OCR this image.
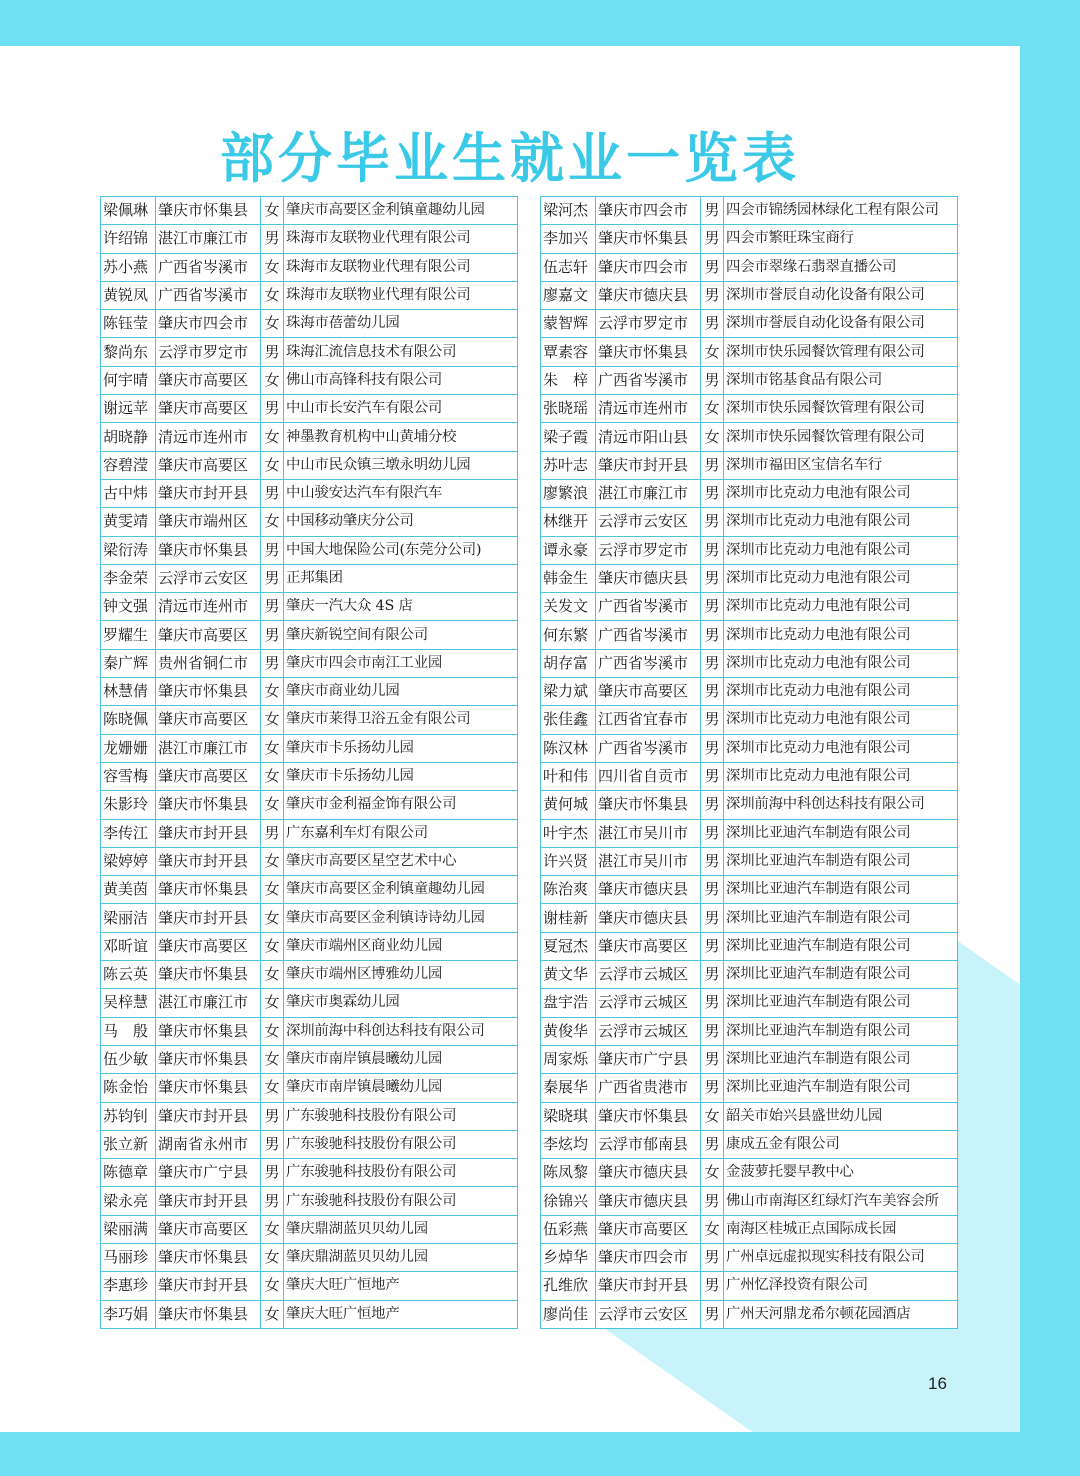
部分毕业生就业一览表
梁佩琳	肇庆市怀集县	女	肇庆市高要区金利镇童趣幼儿园
许绍锦	湛江市廉江市	男	珠海市友联物业代理有限公司
苏小燕	广西省岑溪市	女	珠海市友联物业代理有限公司
黄锐凤	广西省岑溪市	女	珠海市友联物业代理有限公司
陈钰莹	肇庆市四会市	女	珠海市蓓蕾幼儿园
黎尚东	云浮市罗定市	男	珠海汇流信息技术有限公司
何宇晴	肇庆市高要区	女	佛山市高锋科技有限公司
谢远苹	肇庆市高要区	男	中山市长安汽车有限公司
胡晓静	清远市连州市	女	神墨教育机构中山黄埔分校
容碧滢	肇庆市高要区	女	中山市民众镇三墩永明幼儿园
古中炜	肇庆市封开县	男	中山骏安达汽车有限汽车
黄雯靖	肇庆市端州区	女	中国移动肇庆分公司
梁衍涛	肇庆市怀集县	男	中国大地保险公司(东莞分公司)
李金荣	云浮市云安区	男	正邦集团
钟文强	清远市连州市	男	肇庆一汽大众 4S 店
罗耀生	肇庆市高要区	男	肇庆新锐空间有限公司
秦广辉	贵州省铜仁市	男	肇庆市四会市南江工业园
林慧倩	肇庆市怀集县	女	肇庆市商业幼儿园
陈晓佩	肇庆市高要区	女	肇庆市莱得卫浴五金有限公司
龙姗姗	湛江市廉江市	女	肇庆市卡乐扬幼儿园
容雪梅	肇庆市高要区	女	肇庆市卡乐扬幼儿园
朱影玲	肇庆市怀集县	女	肇庆市金利福金饰有限公司
李传江	肇庆市封开县	男	广东嘉利车灯有限公司
梁婷婷	肇庆市封开县	女	肇庆市高要区星空艺术中心
黄美茵	肇庆市怀集县	女	肇庆市高要区金利镇童趣幼儿园
梁丽洁	肇庆市封开县	女	肇庆市高要区金利镇诗诗幼儿园
邓昕谊	肇庆市高要区	女	肇庆市端州区商业幼儿园
陈云英	肇庆市怀集县	女	肇庆市端州区博雅幼儿园
吴梓慧	湛江市廉江市	女	肇庆市奥霖幼儿园
马　殷	肇庆市怀集县	女	深圳前海中科创达科技有限公司
伍少敏	肇庆市怀集县	女	肇庆市南岸镇晨曦幼儿园
陈金怡	肇庆市怀集县	女	肇庆市南岸镇晨曦幼儿园
苏钧钊	肇庆市封开县	男	广东骏驰科技股份有限公司
张立新	湖南省永州市	男	广东骏驰科技股份有限公司
陈德章	肇庆市广宁县	男	广东骏驰科技股份有限公司
梁永亮	肇庆市封开县	男	广东骏驰科技股份有限公司
梁丽满	肇庆市高要区	女	肇庆鼎湖蓝贝贝幼儿园
马丽珍	肇庆市怀集县	女	肇庆鼎湖蓝贝贝幼儿园
李惠珍	肇庆市封开县	女	肇庆大旺广恒地产
李巧娟	肇庆市怀集县	女	肇庆大旺广恒地产
梁河杰	肇庆市四会市	男	四会市锦绣园林绿化工程有限公司
李加兴	肇庆市怀集县	男	四会市繁旺珠宝商行
伍志轩	肇庆市四会市	男	四会市翠缘石翡翠直播公司
廖嘉文	肇庆市德庆县	男	深圳市誉辰自动化设备有限公司
蒙智辉	云浮市罗定市	男	深圳市誉辰自动化设备有限公司
覃素容	肇庆市怀集县	女	深圳市快乐园餐饮管理有限公司
朱　梓	广西省岑溪市	男	深圳市铭基食品有限公司
张晓瑶	清远市连州市	女	深圳市快乐园餐饮管理有限公司
梁子霞	清远市阳山县	女	深圳市快乐园餐饮管理有限公司
苏叶志	肇庆市封开县	男	深圳市福田区宝信名车行
廖繁浪	湛江市廉江市	男	深圳市比克动力电池有限公司
林继开	云浮市云安区	男	深圳市比克动力电池有限公司
谭永豪	云浮市罗定市	男	深圳市比克动力电池有限公司
韩金生	肇庆市德庆县	男	深圳市比克动力电池有限公司
关发文	广西省岑溪市	男	深圳市比克动力电池有限公司
何东繁	广西省岑溪市	男	深圳市比克动力电池有限公司
胡存富	广西省岑溪市	男	深圳市比克动力电池有限公司
梁力斌	肇庆市高要区	男	深圳市比克动力电池有限公司
张佳鑫	江西省宜春市	男	深圳市比克动力电池有限公司
陈汉林	广西省岑溪市	男	深圳市比克动力电池有限公司
叶和伟	四川省自贡市	男	深圳市比克动力电池有限公司
黄何城	肇庆市怀集县	男	深圳前海中科创达科技有限公司
叶宇杰	湛江市吴川市	男	深圳比亚迪汽车制造有限公司
许兴贤	湛江市吴川市	男	深圳比亚迪汽车制造有限公司
陈治爽	肇庆市德庆县	男	深圳比亚迪汽车制造有限公司
谢桂新	肇庆市德庆县	男	深圳比亚迪汽车制造有限公司
夏冠杰	肇庆市高要区	男	深圳比亚迪汽车制造有限公司
黄文华	云浮市云城区	男	深圳比亚迪汽车制造有限公司
盘宇浩	云浮市云城区	男	深圳比亚迪汽车制造有限公司
黄俊华	云浮市云城区	男	深圳比亚迪汽车制造有限公司
周家烁	肇庆市广宁县	男	深圳比亚迪汽车制造有限公司
秦展华	广西省贵港市	男	深圳比亚迪汽车制造有限公司
梁晓琪	肇庆市怀集县	女	韶关市始兴县盛世幼儿园
李炫均	云浮市郁南县	男	康成五金有限公司
陈凤黎	肇庆市德庆县	女	金菠萝托婴早教中心
徐锦兴	肇庆市德庆县	男	佛山市南海区红绿灯汽车美容会所
伍彩燕	肇庆市高要区	女	南海区桂城正点国际成长园
乡焯华	肇庆市四会市	男	广州卓远虚拟现实科技有限公司
孔维欣	肇庆市封开县	男	广州忆泽投资有限公司
廖尚佳	云浮市云安区	男	广州天河鼎龙希尔顿花园酒店
16
